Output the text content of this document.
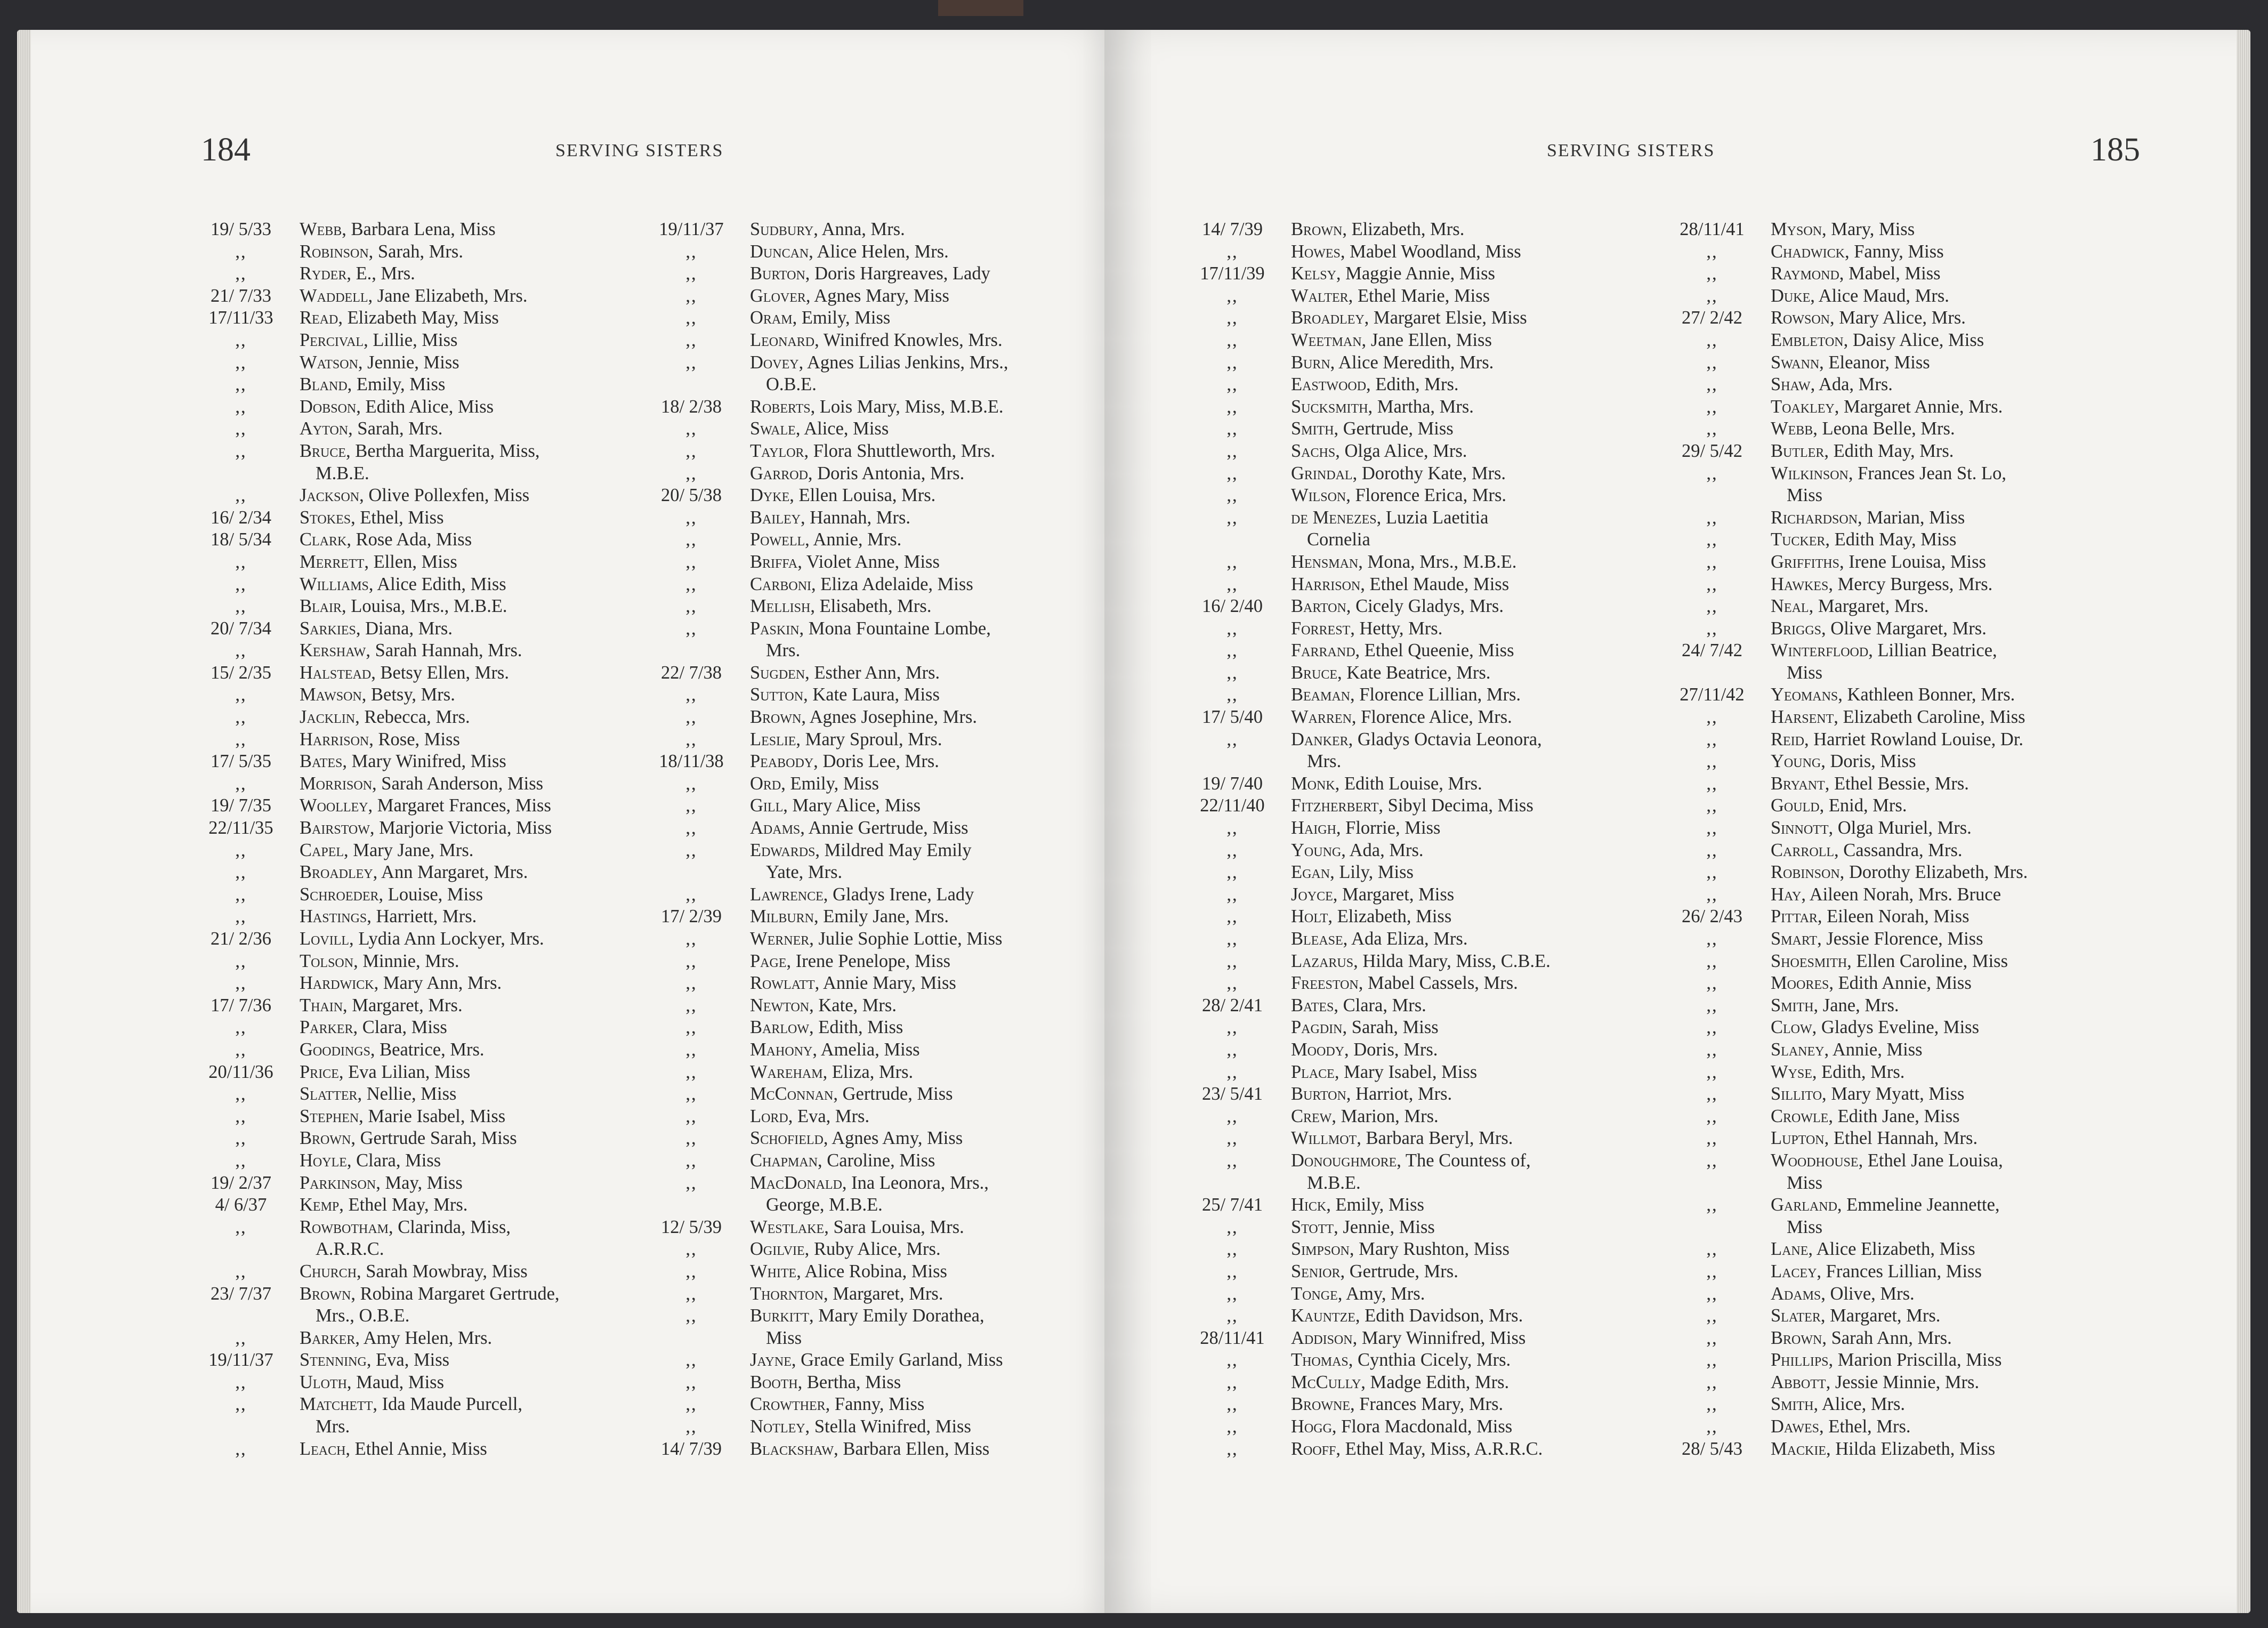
184	SERVING SISTERS
19/ 5/33	Webb, Barbara Lena, Miss
,,	Robinson, Sarah, Mrs.
,,	Ryder, E., Mrs.
21/ 7/33	Waddell, Jane Elizabeth, Mrs.
17/11/33	Read, Elizabeth May, Miss
,,	Percival, Lillie, Miss
,,	Watson, Jennie, Miss
,,	Bland, Emily, Miss
,,	Dobson, Edith Alice, Miss
,,	Ayton, Sarah, Mrs.
,,	Bruce, Bertha Marguerita, Miss,
M.B.E.
,,	Jackson, Olive Pollexfen, Miss
16/ 2/34	Stokes, Ethel, Miss
18/ 5/34	Clark, Rose Ada, Miss
,,	Merrett, Ellen, Miss
,,	Williams, Alice Edith, Miss
,,	Blair, Louisa, Mrs., M.B.E.
20/ 7/34	Sarkies, Diana, Mrs.
,,	Kershaw, Sarah Hannah, Mrs.
15/ 2/35	Halstead, Betsy Ellen, Mrs.
,,	Mawson, Betsy, Mrs.
,,	Jacklin, Rebecca, Mrs.
,,	Harrison, Rose, Miss
17/ 5/35	Bates, Mary Winifred, Miss
,,	Morrison, Sarah Anderson, Miss
19/ 7/35	Woolley, Margaret Frances, Miss
22/11/35	Bairstow, Marjorie Victoria, Miss
,,	Capel, Mary Jane, Mrs.
,,	Broadley, Ann Margaret, Mrs.
,,	Schroeder, Louise, Miss
,,	Hastings, Harriett, Mrs.
21/ 2/36	Lovill, Lydia Ann Lockyer, Mrs.
,,	Tolson, Minnie, Mrs.
,,	Hardwick, Mary Ann, Mrs.
17/ 7/36	Thain, Margaret, Mrs.
,,	Parker, Clara, Miss
,,	Goodings, Beatrice, Mrs.
20/11/36	Price, Eva Lilian, Miss
,,	Slatter, Nellie, Miss
,,	Stephen, Marie Isabel, Miss
,,	Brown, Gertrude Sarah, Miss
,,	Hoyle, Clara, Miss
19/ 2/37	Parkinson, May, Miss
4/ 6/37	Kemp, Ethel May, Mrs.
,,	Rowbotham, Clarinda, Miss,
A.R.R.C.
,,	Church, Sarah Mowbray, Miss
23/ 7/37	Brown, Robina Margaret Gertrude,
Mrs., O.B.E.
,,	Barker, Amy Helen, Mrs.
19/11/37	Stenning, Eva, Miss
,,	Uloth, Maud, Miss
,,	Matchett, Ida Maude Purcell,
Mrs.
,,	Leach, Ethel Annie, Miss
19/11/37	Sudbury, Anna, Mrs.
,,	Duncan, Alice Helen, Mrs.
,,	Burton, Doris Hargreaves, Lady
,,	Glover, Agnes Mary, Miss
,,	Oram, Emily, Miss
,,	Leonard, Winifred Knowles, Mrs.
,,	Dovey, Agnes Lilias Jenkins, Mrs.,
O.B.E.
18/ 2/38	Roberts, Lois Mary, Miss, M.B.E.
,,	Swale, Alice, Miss
,,	Taylor, Flora Shuttleworth, Mrs.
,,	Garrod, Doris Antonia, Mrs.
20/ 5/38	Dyke, Ellen Louisa, Mrs.
,,	Bailey, Hannah, Mrs.
,,	Powell, Annie, Mrs.
,,	Briffa, Violet Anne, Miss
,,	Carboni, Eliza Adelaide, Miss
,,	Mellish, Elisabeth, Mrs.
,,	Paskin, Mona Fountaine Lombe,
Mrs.
22/ 7/38	Sugden, Esther Ann, Mrs.
,,	Sutton, Kate Laura, Miss
,,	Brown, Agnes Josephine, Mrs.
,,	Leslie, Mary Sproul, Mrs.
18/11/38	Peabody, Doris Lee, Mrs.
,,	Ord, Emily, Miss
,,	Gill, Mary Alice, Miss
,,	Adams, Annie Gertrude, Miss
,,	Edwards, Mildred May Emily
Yate, Mrs.
,,	Lawrence, Gladys Irene, Lady
17/ 2/39	Milburn, Emily Jane, Mrs.
,,	Werner, Julie Sophie Lottie, Miss
,,	Page, Irene Penelope, Miss
,,	Rowlatt, Annie Mary, Miss
,,	Newton, Kate, Mrs.
,,	Barlow, Edith, Miss
,,	Mahony, Amelia, Miss
,,	Wareham, Eliza, Mrs.
,,	McConnan, Gertrude, Miss
,,	Lord, Eva, Mrs.
,,	Schofield, Agnes Amy, Miss
,,	Chapman, Caroline, Miss
,,	MacDonald, Ina Leonora, Mrs.,
George, M.B.E.
12/ 5/39	Westlake, Sara Louisa, Mrs.
,,	Ogilvie, Ruby Alice, Mrs.
,,	White, Alice Robina, Miss
,,	Thornton, Margaret, Mrs.
,,	Burkitt, Mary Emily Dorathea,
Miss
,,	Jayne, Grace Emily Garland, Miss
,,	Booth, Bertha, Miss
,,	Crowther, Fanny, Miss
,,	Notley, Stella Winifred, Miss
14/ 7/39	Blackshaw, Barbara Ellen, Miss
SERVING SISTERS	185
14/ 7/39	Brown, Elizabeth, Mrs.
,,	Howes, Mabel Woodland, Miss
17/11/39	Kelsy, Maggie Annie, Miss
,,	Walter, Ethel Marie, Miss
,,	Broadley, Margaret Elsie, Miss
,,	Weetman, Jane Ellen, Miss
,,	Burn, Alice Meredith, Mrs.
,,	Eastwood, Edith, Mrs.
,,	Sucksmith, Martha, Mrs.
,,	Smith, Gertrude, Miss
,,	Sachs, Olga Alice, Mrs.
,,	Grindal, Dorothy Kate, Mrs.
,,	Wilson, Florence Erica, Mrs.
,,	de Menezes, Luzia Laetitia
Cornelia
,,	Hensman, Mona, Mrs., M.B.E.
,,	Harrison, Ethel Maude, Miss
16/ 2/40	Barton, Cicely Gladys, Mrs.
,,	Forrest, Hetty, Mrs.
,,	Farrand, Ethel Queenie, Miss
,,	Bruce, Kate Beatrice, Mrs.
,,	Beaman, Florence Lillian, Mrs.
17/ 5/40	Warren, Florence Alice, Mrs.
,,	Danker, Gladys Octavia Leonora,
Mrs.
19/ 7/40	Monk, Edith Louise, Mrs.
22/11/40	Fitzherbert, Sibyl Decima, Miss
,,	Haigh, Florrie, Miss
,,	Young, Ada, Mrs.
,,	Egan, Lily, Miss
,,	Joyce, Margaret, Miss
,,	Holt, Elizabeth, Miss
,,	Blease, Ada Eliza, Mrs.
,,	Lazarus, Hilda Mary, Miss, C.B.E.
,,	Freeston, Mabel Cassels, Mrs.
28/ 2/41	Bates, Clara, Mrs.
,,	Pagdin, Sarah, Miss
,,	Moody, Doris, Mrs.
,,	Place, Mary Isabel, Miss
23/ 5/41	Burton, Harriot, Mrs.
,,	Crew, Marion, Mrs.
,,	Willmot, Barbara Beryl, Mrs.
,,	Donoughmore, The Countess of,
M.B.E.
25/ 7/41	Hick, Emily, Miss
,,	Stott, Jennie, Miss
,,	Simpson, Mary Rushton, Miss
,,	Senior, Gertrude, Mrs.
,,	Tonge, Amy, Mrs.
,,	Kauntze, Edith Davidson, Mrs.
28/11/41	Addison, Mary Winnifred, Miss
,,	Thomas, Cynthia Cicely, Mrs.
,,	McCully, Madge Edith, Mrs.
,,	Browne, Frances Mary, Mrs.
,,	Hogg, Flora Macdonald, Miss
,,	Rooff, Ethel May, Miss, A.R.R.C.
28/11/41	Myson, Mary, Miss
,,	Chadwick, Fanny, Miss
,,	Raymond, Mabel, Miss
,,	Duke, Alice Maud, Mrs.
27/ 2/42	Rowson, Mary Alice, Mrs.
,,	Embleton, Daisy Alice, Miss
,,	Swann, Eleanor, Miss
,,	Shaw, Ada, Mrs.
,,	Toakley, Margaret Annie, Mrs.
,,	Webb, Leona Belle, Mrs.
29/ 5/42	Butler, Edith May, Mrs.
,,	Wilkinson, Frances Jean St. Lo,
Miss
,,	Richardson, Marian, Miss
,,	Tucker, Edith May, Miss
,,	Griffiths, Irene Louisa, Miss
,,	Hawkes, Mercy Burgess, Mrs.
,,	Neal, Margaret, Mrs.
,,	Briggs, Olive Margaret, Mrs.
24/ 7/42	Winterflood, Lillian Beatrice,
Miss
27/11/42	Yeomans, Kathleen Bonner, Mrs.
,,	Harsent, Elizabeth Caroline, Miss
,,	Reid, Harriet Rowland Louise, Dr.
,,	Young, Doris, Miss
,,	Bryant, Ethel Bessie, Mrs.
,,	Gould, Enid, Mrs.
,,	Sinnott, Olga Muriel, Mrs.
,,	Carroll, Cassandra, Mrs.
,,	Robinson, Dorothy Elizabeth, Mrs.
,,	Hay, Aileen Norah, Mrs. Bruce
26/ 2/43	Pittar, Eileen Norah, Miss
,,	Smart, Jessie Florence, Miss
,,	Shoesmith, Ellen Caroline, Miss
,,	Moores, Edith Annie, Miss
,,	Smith, Jane, Mrs.
,,	Clow, Gladys Eveline, Miss
,,	Slaney, Annie, Miss
,,	Wyse, Edith, Mrs.
,,	Sillito, Mary Myatt, Miss
,,	Crowle, Edith Jane, Miss
,,	Lupton, Ethel Hannah, Mrs.
,,	Woodhouse, Ethel Jane Louisa,
Miss
,,	Garland, Emmeline Jeannette,
Miss
,,	Lane, Alice Elizabeth, Miss
,,	Lacey, Frances Lillian, Miss
,,	Adams, Olive, Mrs.
,,	Slater, Margaret, Mrs.
,,	Brown, Sarah Ann, Mrs.
,,	Phillips, Marion Priscilla, Miss
,,	Abbott, Jessie Minnie, Mrs.
,,	Smith, Alice, Mrs.
,,	Dawes, Ethel, Mrs.
28/ 5/43	Mackie, Hilda Elizabeth, Miss
